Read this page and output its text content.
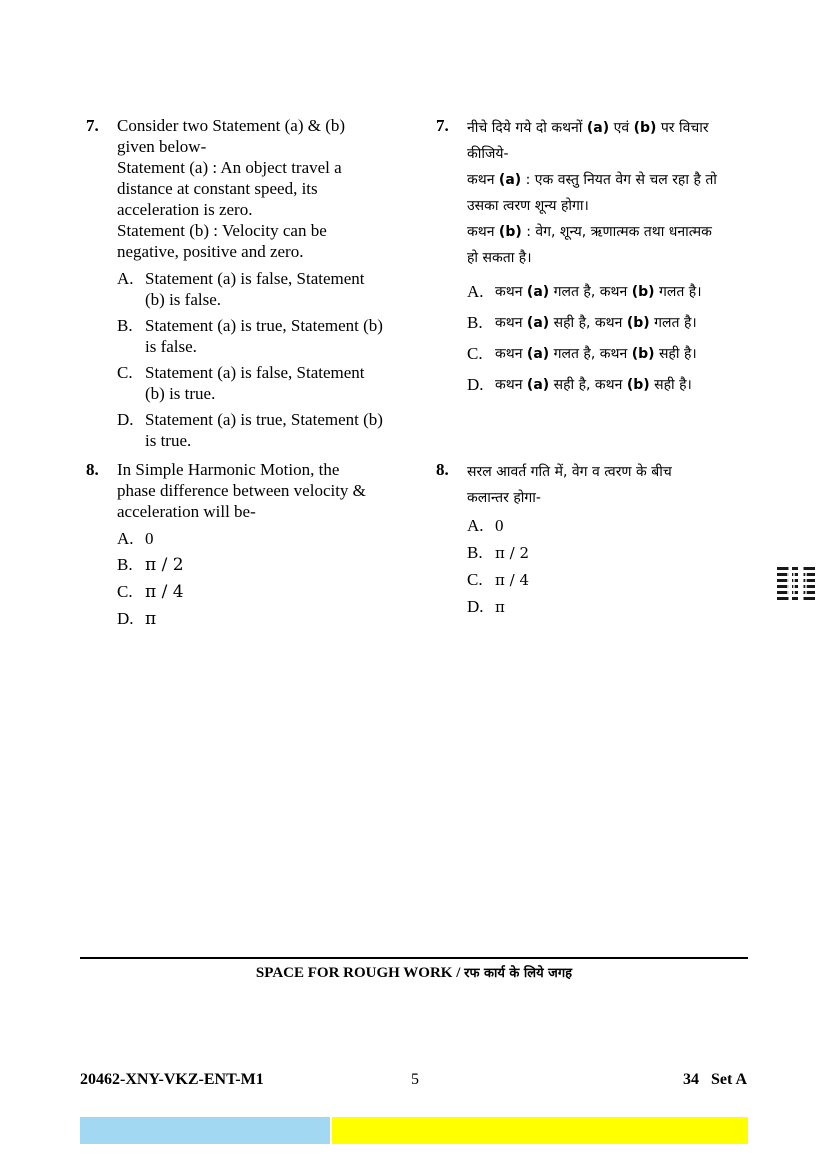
7. Consider two Statement (a) & (b)
given below-
Statement (a) : An object travel a
distance at constant speed, its
acceleration is zero.
Statement (b) : Velocity can be
negative, positive and zero.
A. Statement (a) is false, Statement
(b) is false.
B. Statement (a) is true, Statement (b)
is false.
C. Statement (a) is false, Statement
(b) is true.
D. Statement (a) is true, Statement (b)
is true.
8. In Simple Harmonic Motion, the
phase difference between velocity &
acceleration will be-
A. 0
B. π / 2
C. π / 4
D. π
7. नीचे दिये गये दो कथनों (a) एवं (b) पर विचार
कीजिये-
कथन (a) : एक वस्तु नियत वेग से चल रहा है तो
उसका त्वरण शून्य होगा।
कथन (b) : वेग, शून्य, ऋणात्मक तथा धनात्मक
हो सकता है।
A. कथन (a) गलत है, कथन (b) गलत है।
B. कथन (a) सही है, कथन (b) गलत है।
C. कथन (a) गलत है, कथन (b) सही है।
D. कथन (a) सही है, कथन (b) सही है।
8. सरल आवर्त गति में, वेग व त्वरण के बीच
कलान्तर होगा-
A. 0
B. π / 2
C. π / 4
D. π
SPACE FOR ROUGH WORK / रफ कार्य के लिये जगह
20462-XNY-VKZ-ENT-M1	5	34   Set A
